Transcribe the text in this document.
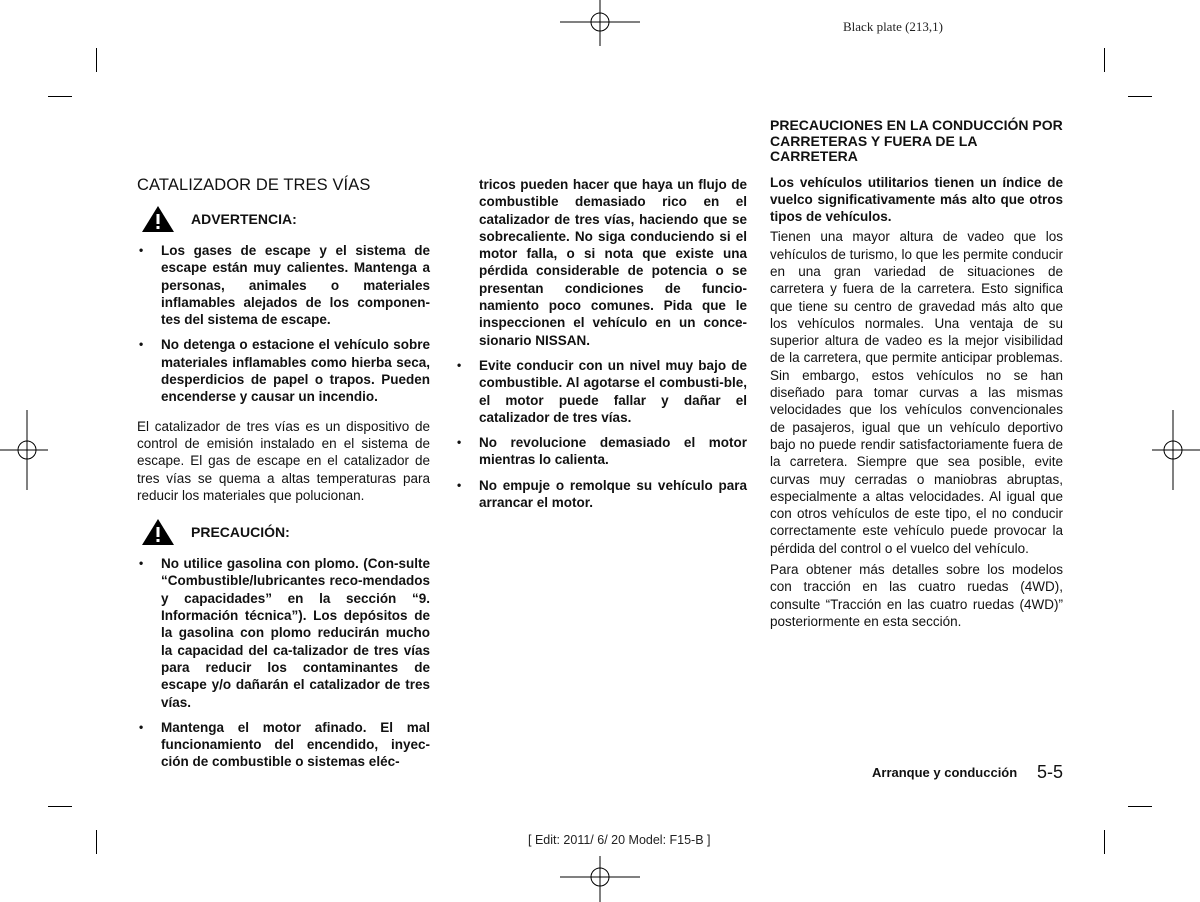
Black plate (213,1)
CATALIZADOR DE TRES VÍAS
ADVERTENCIA:
• Los gases de escape y el sistema de escape están muy calientes. Mantenga a personas, animales o materiales inflamables alejados de los componen-tes del sistema de escape.
• No detenga o estacione el vehículo sobre materiales inflamables como hierba seca, desperdicios de papel o trapos. Pueden encenderse y causar un incendio.

El catalizador de tres vías es un dispositivo de control de emisión instalado en el sistema de escape. El gas de escape en el catalizador de tres vías se quema a altas temperaturas para reducir los materiales que polucionan.

PRECAUCIÓN:
• No utilice gasolina con plomo. (Con-sulte “Combustible/lubricantes reco-mendados y capacidades” en la sección “9. Información técnica”). Los depósitos de la gasolina con plomo reducirán mucho la capacidad del ca-talizador de tres vías para reducir los contaminantes de escape y/o dañarán el catalizador de tres vías.
• Mantenga el motor afinado. El mal funcionamiento del encendido, inyec-ción de combustible o sistemas eléc-
tricos pueden hacer que haya un flujo de combustible demasiado rico en el catalizador de tres vías, haciendo que se sobrecaliente. No siga conduciendo si el motor falla, o si nota que existe una pérdida considerable de potencia o se presentan condiciones de funcio-namiento poco comunes. Pida que le inspeccionen el vehículo en un conce-sionario NISSAN.
• Evite conducir con un nivel muy bajo de combustible. Al agotarse el combusti-ble, el motor puede fallar y dañar el catalizador de tres vías.
• No revolucione demasiado el motor mientras lo calienta.
• No empuje o remolque su vehículo para arrancar el motor.
PRECAUCIONES EN LA CONDUCCIÓN POR CARRETERAS Y FUERA DE LA CARRETERA
Los vehículos utilitarios tienen un índice de vuelco significativamente más alto que otros tipos de vehículos.

Tienen una mayor altura de vadeo que los vehículos de turismo, lo que les permite conducir en una gran variedad de situaciones de carretera y fuera de la carretera. Esto significa que tiene su centro de gravedad más alto que los vehículos normales. Una ventaja de su superior altura de vadeo es la mejor visibilidad de la carretera, que permite anticipar problemas. Sin embargo, estos vehículos no se han diseñado para tomar curvas a las mismas velocidades que los vehículos convencionales de pasajeros, igual que un vehículo deportivo bajo no puede rendir satisfactoriamente fuera de la carretera. Siempre que sea posible, evite curvas muy cerradas o maniobras abruptas, especialmente a altas velocidades. Al igual que con otros vehículos de este tipo, el no conducir correctamente este vehículo puede provocar la pérdida del control o el vuelco del vehículo.

Para obtener más detalles sobre los modelos con tracción en las cuatro ruedas (4WD), consulte “Tracción en las cuatro ruedas (4WD)” posteriormente en esta sección.

Arranque y conducción 5-5
[ Edit: 2011/ 6/ 20 Model: F15-B ]
